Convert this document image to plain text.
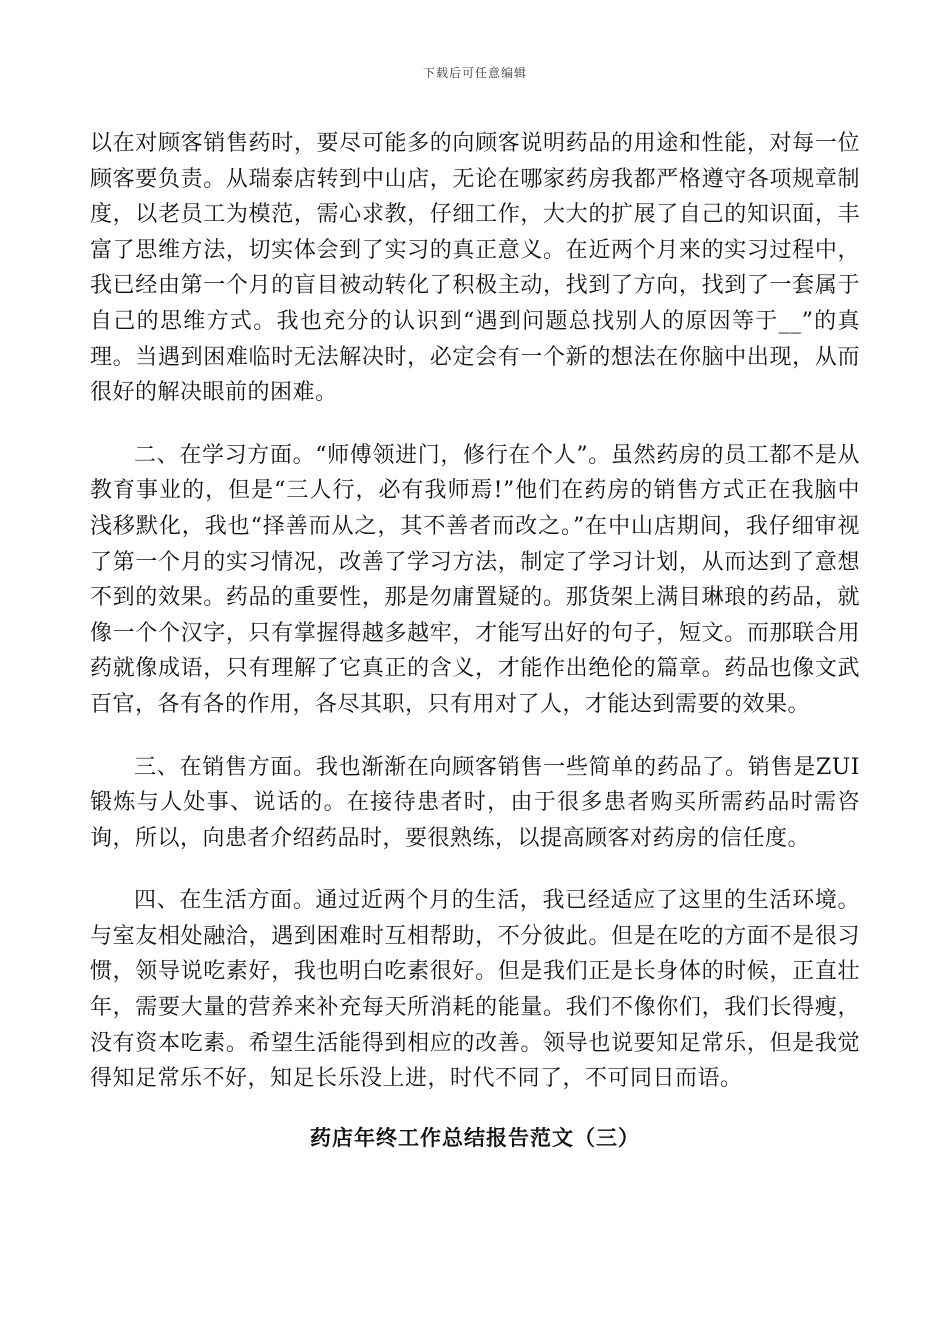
下载后可任意编辑

以在对顾客销售药时，要尽可能多的向顾客说明药品的用途和性能，对每一位顾客要负责。从瑞泰店转到中山店，无论在哪家药房我都严格遵守各项规章制度，以老员工为模范，需心求教，仔细工作，大大的扩展了自己的知识面，丰富了思维方法，切实体会到了实习的真正意义。在近两个月来的实习过程中，我已经由第一个月的盲目被动转化了积极主动，找到了方向，找到了一套属于自己的思维方式。我也充分的认识到“遇到问题总找别人的原因等于__”的真理。当遇到困难临时无法解决时，必定会有一个新的想法在你脑中出现，从而很好的解决眼前的困难。

二、在学习方面。“师傅领进门，修行在个人”。虽然药房的员工都不是从教育事业的，但是“三人行，必有我师焉!”他们在药房的销售方式正在我脑中浅移默化，我也“择善而从之，其不善者而改之。”在中山店期间，我仔细审视了第一个月的实习情况，改善了学习方法，制定了学习计划，从而达到了意想不到的效果。药品的重要性，那是勿庸置疑的。那货架上满目琳琅的药品，就像一个个汉字，只有掌握得越多越牢，才能写出好的句子，短文。而那联合用药就像成语，只有理解了它真正的含义，才能作出绝伦的篇章。药品也像文武百官，各有各的作用，各尽其职，只有用对了人，才能达到需要的效果。

三、在销售方面。我也渐渐在向顾客销售一些简单的药品了。销售是ZUI锻炼与人处事、说话的。在接待患者时，由于很多患者购买所需药品时需咨询，所以，向患者介绍药品时，要很熟练，以提高顾客对药房的信任度。

四、在生活方面。通过近两个月的生活，我已经适应了这里的生活环境。与室友相处融洽，遇到困难时互相帮助，不分彼此。但是在吃的方面不是很习惯，领导说吃素好，我也明白吃素很好。但是我们正是长身体的时候，正直壮年，需要大量的营养来补充每天所消耗的能量。我们不像你们，我们长得瘦，没有资本吃素。希望生活能得到相应的改善。领导也说要知足常乐，但是我觉得知足常乐不好，知足长乐没上进，时代不同了，不可同日而语。

药店年终工作总结报告范文（三）
